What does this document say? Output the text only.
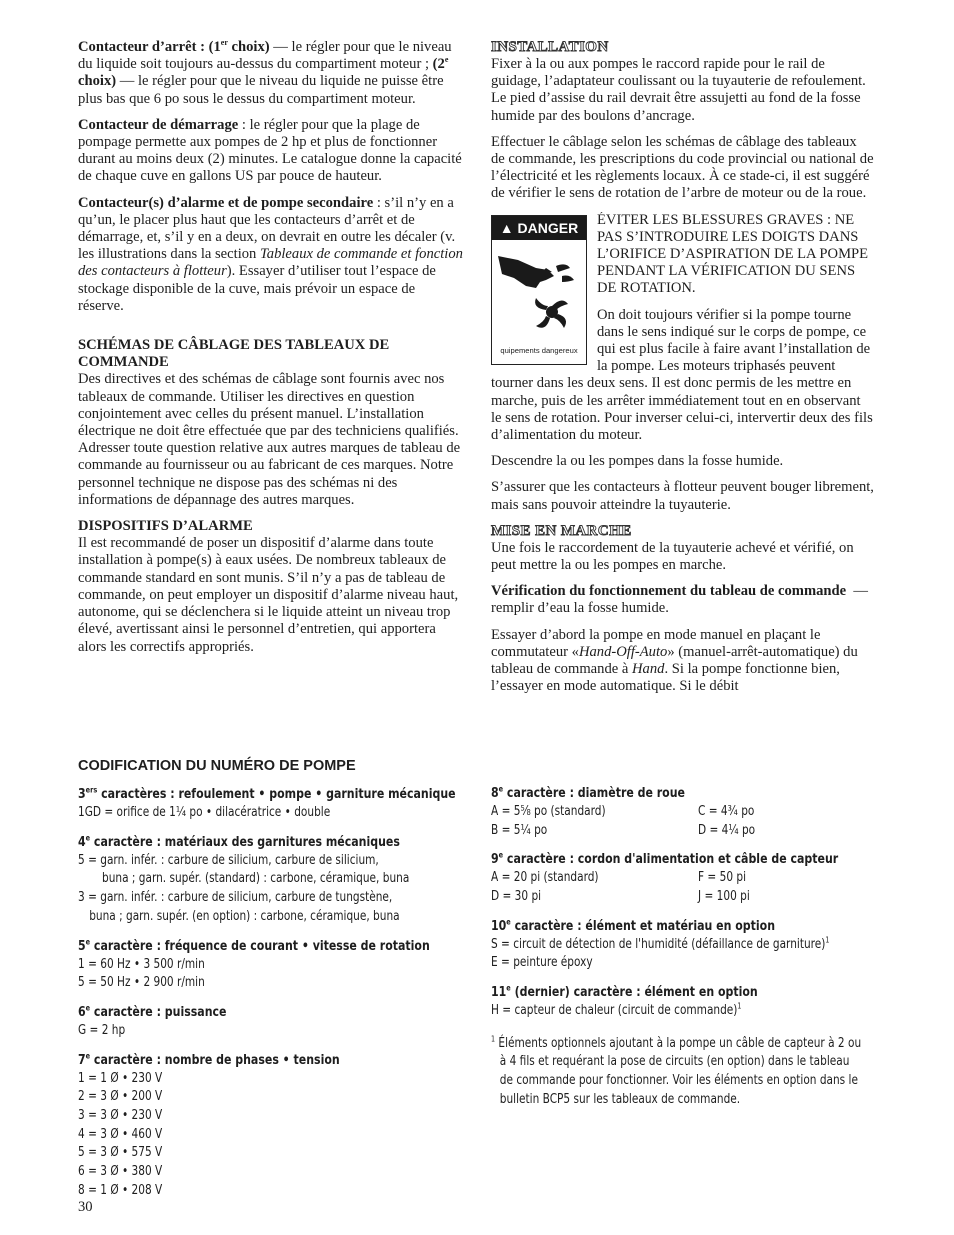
Contacteur d’arrêt : (1er choix) — le régler pour que le niveau du liquide soit toujours au-dessus du compartiment moteur ; (2e choix) — le régler pour que le niveau du liquide ne puisse être plus bas que 6 po sous le dessus du compartiment moteur.

Contacteur de démarrage : le régler pour que la plage de pompage permette aux pompes de 2 hp et plus de fonctionner durant au moins deux (2) minutes. Le catalogue donne la capacité de chaque cuve en gallons US par pouce de hauteur.

Contacteur(s) d’alarme et de pompe secondaire : s’il n’y en a qu’un, le placer plus haut que les contacteurs d’arrêt et de démarrage, et, s’il y en a deux, on devrait en outre les décaler (v. les illustrations dans la section Tableaux de commande et fonction des contacteurs à flotteur). Essayer d’utiliser tout l’espace de stockage disponible de la cuve, mais prévoir un espace de réserve.

SCHÉMAS DE CÂBLAGE DES TABLEAUX DE COMMANDE

Des directives et des schémas de câblage sont fournis avec nos tableaux de commande. Utiliser les directives en question conjointement avec celles du présent manuel. L’installation électrique ne doit être effectuée que par des techniciens qualifiés. Adresser toute question relative aux autres marques de tableau de commande au fournisseur ou au fabricant de ces marques. Notre personnel technique ne dispose pas des schémas ni des informations de dépannage des autres marques.

DISPOSITIFS D’ALARME

Il est recommandé de poser un dispositif d’alarme dans toute installation à pompe(s) à eaux usées. De nombreux tableaux de commande standard en sont munis. S’il n’y a pas de tableau de commande, on peut employer un dispositif d’alarme niveau haut, autonome, qui se déclenchera si le liquide atteint un niveau trop élevé, avertissant ainsi le personnel d’entretien, qui apportera alors les correctifs appropriés.

INSTALLATION

Fixer à la ou aux pompes le raccord rapide pour le rail de guidage, l’adaptateur coulissant ou la tuyauterie de refoulement. Le pied d’assise du rail devrait être assujetti au fond de la fosse humide par des boulons d’ancrage.

Effectuer le câblage selon les schémas de câblage des tableaux de commande, les prescriptions du code provincial ou national de l’électricité et les règlements locaux. À ce stade-ci, il est suggéré de vérifier le sens de rotation de l’arbre de moteur ou de la roue.

▲ DANGER
quipements dangereux

ÉVITER LES BLESSURES GRAVES : NE PAS S’INTRODUIRE LES DOIGTS DANS L’ORIFICE D’ASPIRATION DE LA POMPE PENDANT LA VÉRIFICATION DU SENS DE ROTATION.

On doit toujours vérifier si la pompe tourne dans le sens indiqué sur le corps de pompe, ce qui est plus facile à faire avant l’installation de la pompe. Les moteurs triphasés peuvent tourner dans les deux sens. Il est donc permis de les mettre en marche, puis de les arrêter immédiatement tout en en observant le sens de rotation. Pour inverser celui-ci, intervertir deux des fils d’alimentation du moteur.

Descendre la ou les pompes dans la fosse humide.

S’assurer que les contacteurs à flotteur peuvent bouger librement, mais sans pouvoir atteindre la tuyauterie.

MISE EN MARCHE

Une fois le raccordement de la tuyauterie achevé et vérifié, on peut mettre la ou les pompes en marche.

Vérification du fonctionnement du tableau de commande  — remplir d’eau la fosse humide.

Essayer d’abord la pompe en mode manuel en plaçant le commutateur «Hand-Off-Auto» (manuel-arrêt-automatique) du tableau de commande à Hand. Si la pompe fonctionne bien, l’essayer en mode automatique. Si le débit

CODIFICATION DU NUMÉRO DE POMPE
3ers caractères : refoulement • pompe • garniture mécanique
1GD = orifice de 1¼ po • dilacératrice • double
4e caractère : matériaux des garnitures mécaniques
5 = garn. infér. : carbure de silicium, carbure de silicium,
buna ; garn. supér. (standard) : carbone, céramique, buna
3 = garn. infér. : carbure de silicium, carbure de tungstène,
buna ; garn. supér. (en option) : carbone, céramique, buna
5e caractère : fréquence de courant • vitesse de rotation
1 = 60 Hz • 3 500 r/min
5 = 50 Hz • 2 900 r/min
6e caractère : puissance
G = 2 hp
7e caractère : nombre de phases • tension
1 = 1 Ø • 230 V
2 = 3 Ø • 200 V
3 = 3 Ø • 230 V
4 = 3 Ø • 460 V
5 = 3 Ø • 575 V
6 = 3 Ø • 380 V
8 = 1 Ø • 208 V
8e caractère : diamètre de roue
A = 5⅝ po (standard)	C = 4¾ po
B = 5¼ po	D = 4¼ po
9e caractère : cordon d'alimentation et câble de capteur
A = 20 pi (standard)	F = 50 pi
D = 30 pi	J = 100 pi
10e caractère : élément et matériau en option
S = circuit de détection de l'humidité (défaillance de garniture)$^1$
E = peinture époxy
11e (dernier) caractère : élément en option
H = capteur de chaleur (circuit de commande)$^1$
$^1$ Éléments optionnels ajoutant à la pompe un câble de capteur à 2 ou
à 4 fils et requérant la pose de circuits (en option) dans le tableau
de commande pour fonctionner. Voir les éléments en option dans le
bulletin BCP5 sur les tableaux de commande.
30
